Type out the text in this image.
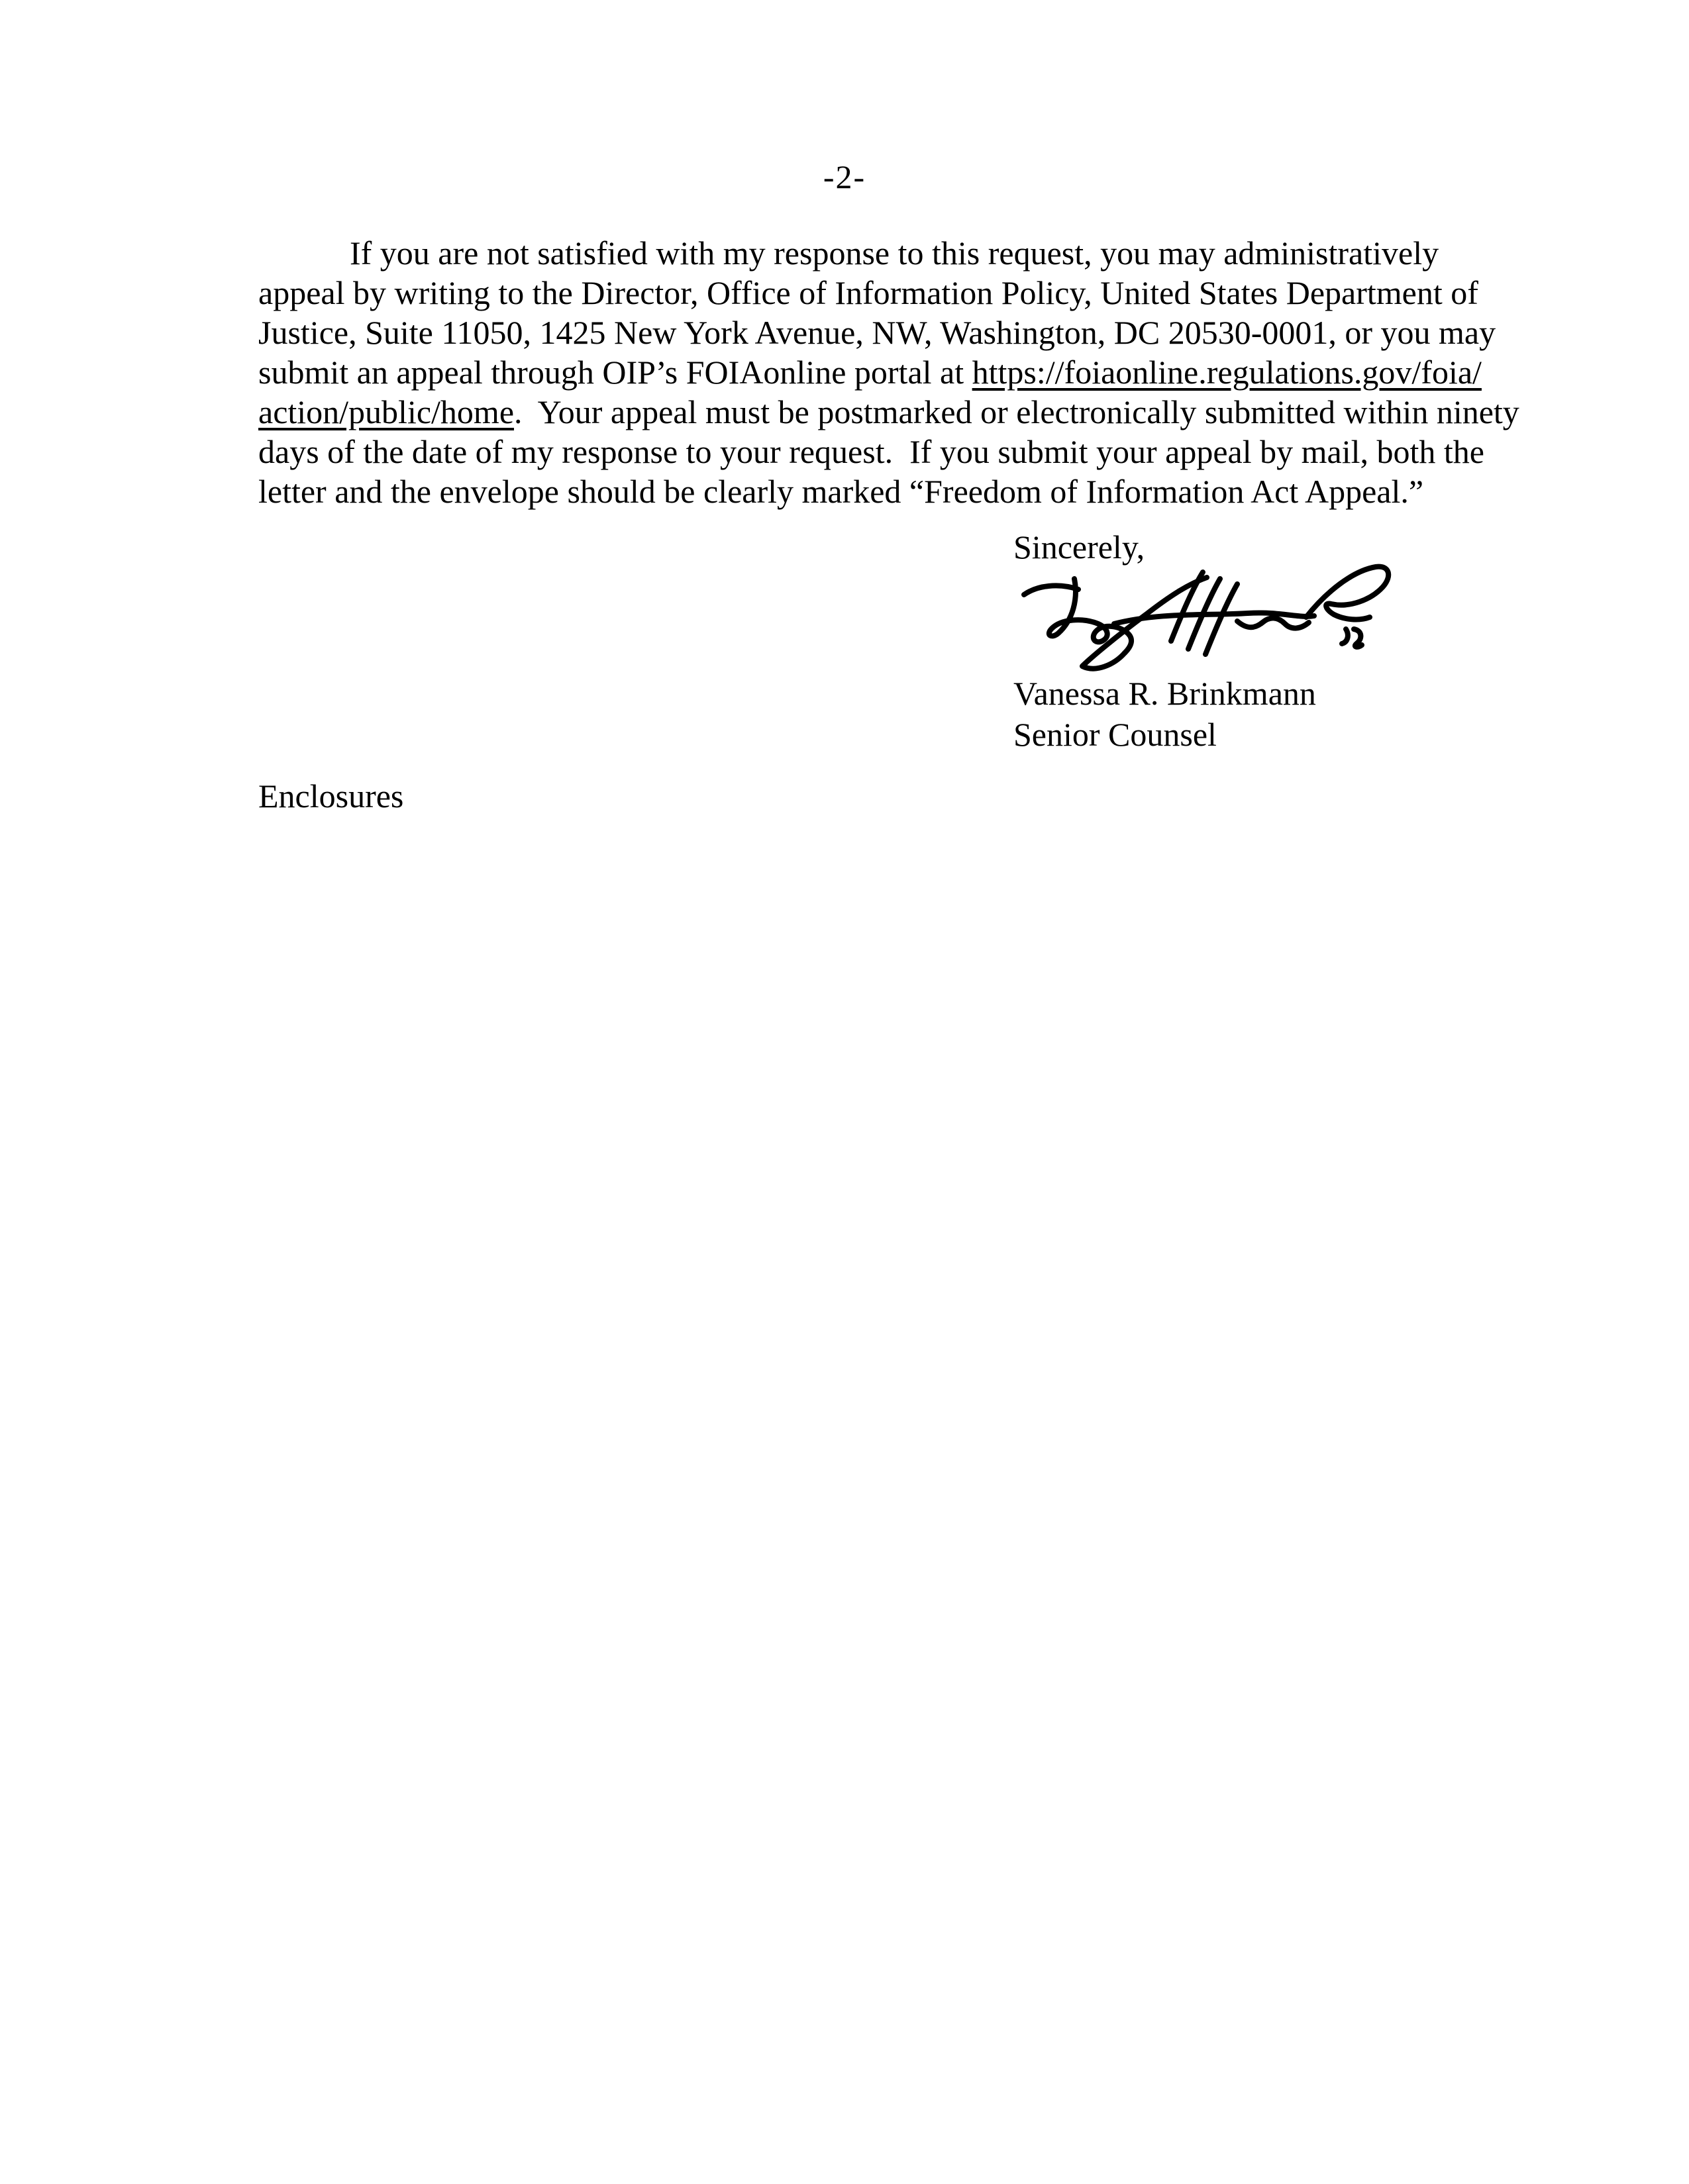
-2-
If you are not satisfied with my response to this request, you may administratively
appeal by writing to the Director, Office of Information Policy, United States Department of
Justice, Suite 11050, 1425 New York Avenue, NW, Washington, DC 20530-0001, or you may
submit an appeal through OIP’s FOIAonline portal at https://foiaonline.regulations.gov/foia/
action/public/home.  Your appeal must be postmarked or electronically submitted within ninety
days of the date of my response to your request.  If you submit your appeal by mail, both the
letter and the envelope should be clearly marked “Freedom of Information Act Appeal.”
Sincerely,
Vanessa R. Brinkmann
Senior Counsel
Enclosures
